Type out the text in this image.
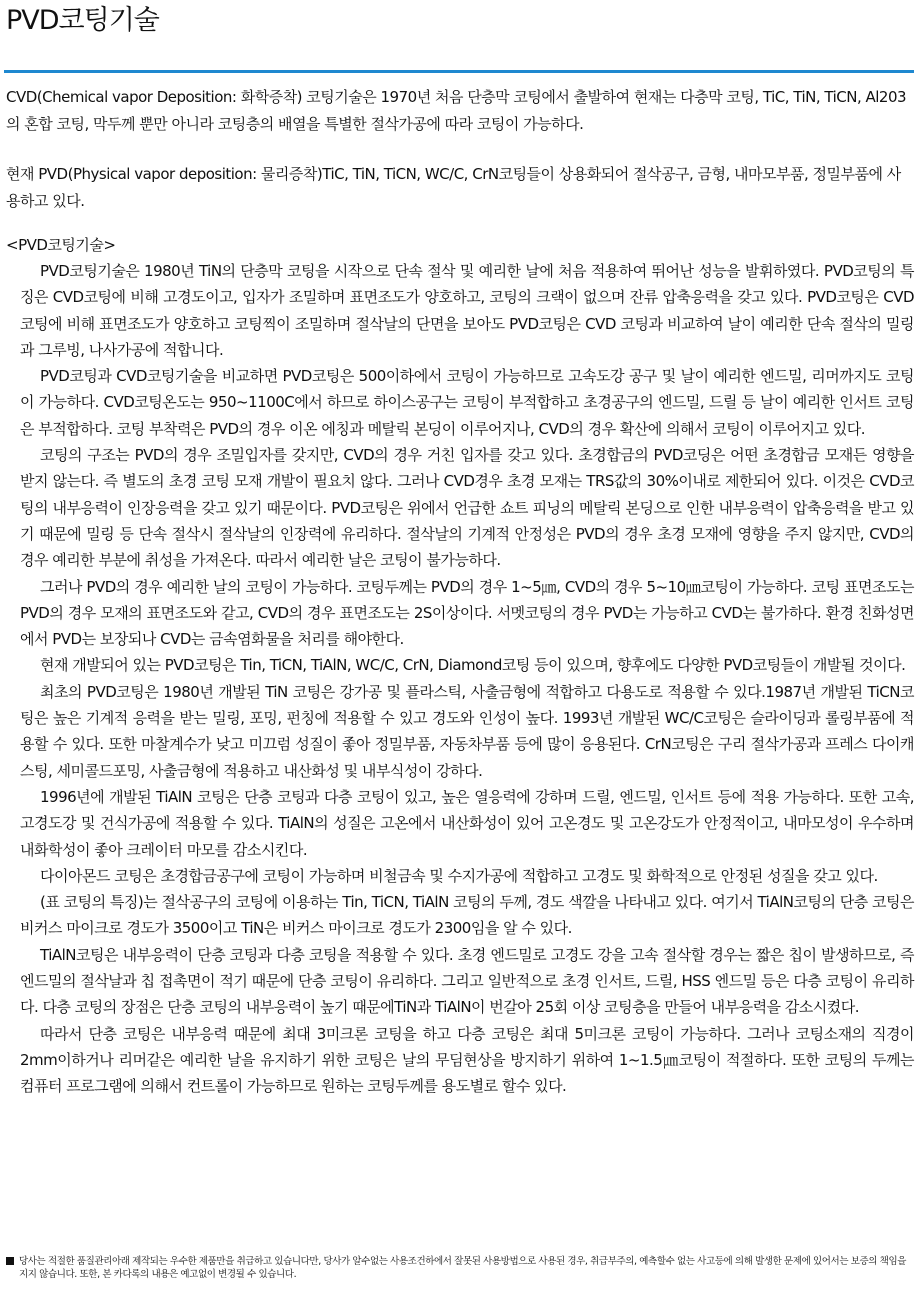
PVD코팅기술

CVD(Chemical vapor Deposition: 화학증착) 코팅기술은 1970년 처음 단층막 코팅에서 출발하여 현재는 다층막 코팅, TiC, TiN, TiCN, Al203의 혼합 코팅, 막두께 뿐만 아니라 코팅층의 배열을 특별한 절삭가공에 따라 코팅이 가능하다.

현재 PVD(Physical vapor deposition: 물리증착)TiC, TiN, TiCN, WC/C, CrN코팅들이 상용화되어 절삭공구, 금형, 내마모부품, 정밀부품에 사용하고 있다.

<PVD코팅기술>

PVD코팅기술은 1980년 TiN의 단층막 코팅을 시작으로 단속 절삭 및 예리한 날에 처음 적용하여 뛰어난 성능을 발휘하였다. PVD코팅의 특징은 CVD코팅에 비해 고경도이고, 입자가 조밀하며 표면조도가 양호하고, 코팅의 크랙이 없으며 잔류 압축응력을 갖고 있다. PVD코팅은 CVD코팅에 비해 표면조도가 양호하고 코팅찍이 조밀하며 절삭날의 단면을 보아도 PVD코팅은 CVD 코팅과 비교하여 날이 예리한 단속 절삭의 밀링과 그루빙, 나사가공에 적합니다.

PVD코팅과 CVD코팅기술을 비교하면 PVD코팅은 500이하에서 코팅이 가능하므로 고속도강 공구 및 날이 예리한 엔드밀, 리머까지도 코팅이 가능하다. CVD코팅온도는 950~1100C에서 하므로 하이스공구는 코팅이 부적합하고 초경공구의 엔드밀, 드릴 등 날이 예리한 인서트 코팅은 부적합하다. 코팅 부착력은 PVD의 경우 이온 에칭과 메탈릭 본딩이 이루어지나, CVD의 경우 확산에 의해서 코팅이 이루어지고 있다.

코팅의 구조는 PVD의 경우 조밀입자를 갖지만, CVD의 경우 거친 입자를 갖고 있다. 초경합금의 PVD코딩은 어떤 초경합금 모재든 영향을 받지 않는다. 즉 별도의 초경 코팅 모재 개발이 필요치 않다. 그러나 CVD경우 초경 모재는 TRS값의 30%이내로 제한되어 있다. 이것은 CVD코팅의 내부응력이 인장응력을 갖고 있기 때문이다. PVD코팅은 위에서 언급한 쇼트 피닝의 메탈릭 본딩으로 인한 내부응력이 압축응력을 받고 있기 때문에 밀링 등 단속 절삭시 절삭날의 인장력에 유리하다. 절삭날의 기계적 안정성은 PVD의 경우 초경 모재에 영향을 주지 않지만, CVD의 경우 예리한 부분에 취성을 가져온다. 따라서 예리한 날은 코팅이 불가능하다.

그러나 PVD의 경우 예리한 날의 코팅이 가능하다. 코팅두께는 PVD의 경우 1~5㎛, CVD의 경우 5~10㎛코팅이 가능하다. 코팅 표면조도는 PVD의 경우 모재의 표면조도와 같고, CVD의 경우 표면조도는 2S이상이다. 서멧코팅의 경우 PVD는 가능하고 CVD는 불가하다. 환경 친화성면에서 PVD는 보장되나 CVD는 금속염화물을 처리를 해야한다.

현재 개발되어 있는 PVD코팅은 Tin, TiCN, TiAlN, WC/C, CrN, Diamond코팅 등이 있으며, 향후에도 다양한 PVD코팅들이 개발될 것이다.

최초의 PVD코팅은 1980년 개발된 TiN 코팅은 강가공 및 플라스틱, 사출금형에 적합하고 다용도로 적용할 수 있다.1987년 개발된 TiCN코팅은 높은 기계적 응력을 받는 밀링, 포밍, 펀칭에 적용할 수 있고 경도와 인성이 높다. 1993년 개발된 WC/C코팅은 슬라이딩과 롤링부품에 적용할 수 있다. 또한 마찰계수가 낮고 미끄럼 성질이 좋아 정밀부품, 자동차부품 등에 많이 응용된다. CrN코팅은 구리 절삭가공과 프레스 다이캐스팅, 세미콜드포밍, 사출금형에 적용하고 내산화성 및 내부식성이 강하다.

1996년에 개발된 TiAlN 코팅은 단층 코팅과 다층 코팅이 있고, 높은 열응력에 강하며 드릴, 엔드밀, 인서트 등에 적용 가능하다. 또한 고속, 고경도강 및 건식가공에 적용할 수 있다. TiAlN의 성질은 고온에서 내산화성이 있어 고온경도 및 고온강도가 안정적이고, 내마모성이 우수하며 내화학성이 좋아 크레이터 마모를 감소시킨다.

다이아몬드 코팅은 초경합금공구에 코팅이 가능하며 비철금속 및 수지가공에 적합하고 고경도 및 화학적으로 안정된 성질을 갖고 있다.

(표 코팅의 특징)는 절삭공구의 코팅에 이용하는 Tin, TiCN, TiAlN 코팅의 두께, 경도 색깔을 나타내고 있다. 여기서 TiAlN코팅의 단층 코팅은 비커스 마이크로 경도가 3500이고 TiN은 비커스 마이크로 경도가 2300임을 알 수 있다.

TiAlN코팅은 내부응력이 단층 코팅과 다층 코팅을 적용할 수 있다. 초경 엔드밀로 고경도 강을 고속 절삭할 경우는 짧은 칩이 발생하므로, 즉 엔드밀의 절삭날과 칩 접촉면이 적기 때문에 단층 코팅이 유리하다. 그리고 일반적으로 초경 인서트, 드릴, HSS 엔드밀 등은 다층 코팅이 유리하다. 다층 코팅의 장점은 단층 코팅의 내부응력이 높기 때문에TiN과 TiAlN이 번갈아 25회 이상 코팅층을 만들어 내부응력을 감소시켰다.

따라서 단층 코팅은 내부응력 때문에 최대 3미크론 코팅을 하고 다층 코팅은 최대 5미크론 코팅이 가능하다. 그러나 코팅소재의 직경이 2mm이하거나 리머같은 예리한 날을 유지하기 위한 코팅은 날의 무딤현상을 방지하기 위하여 1~1.5㎛코팅이 적절하다. 또한 코팅의 두께는 컴퓨터 프로그램에 의해서 컨트롤이 가능하므로 원하는 코팅두께를 용도별로 할수 있다.

당사는 적절한 품질관리아래 제작되는 우수한 제품만을 취급하고 있습니다만, 당사가 알수없는 사용조건하에서 잘못된 사용방법으로 사용된 경우, 취급부주의, 예측할수 없는 사고등에 의해 발생한 문제에 있어서는 보증의 책임을 지지 않습니다. 또한, 본 카다록의 내용은 예고없이 변경될 수 있습니다.
